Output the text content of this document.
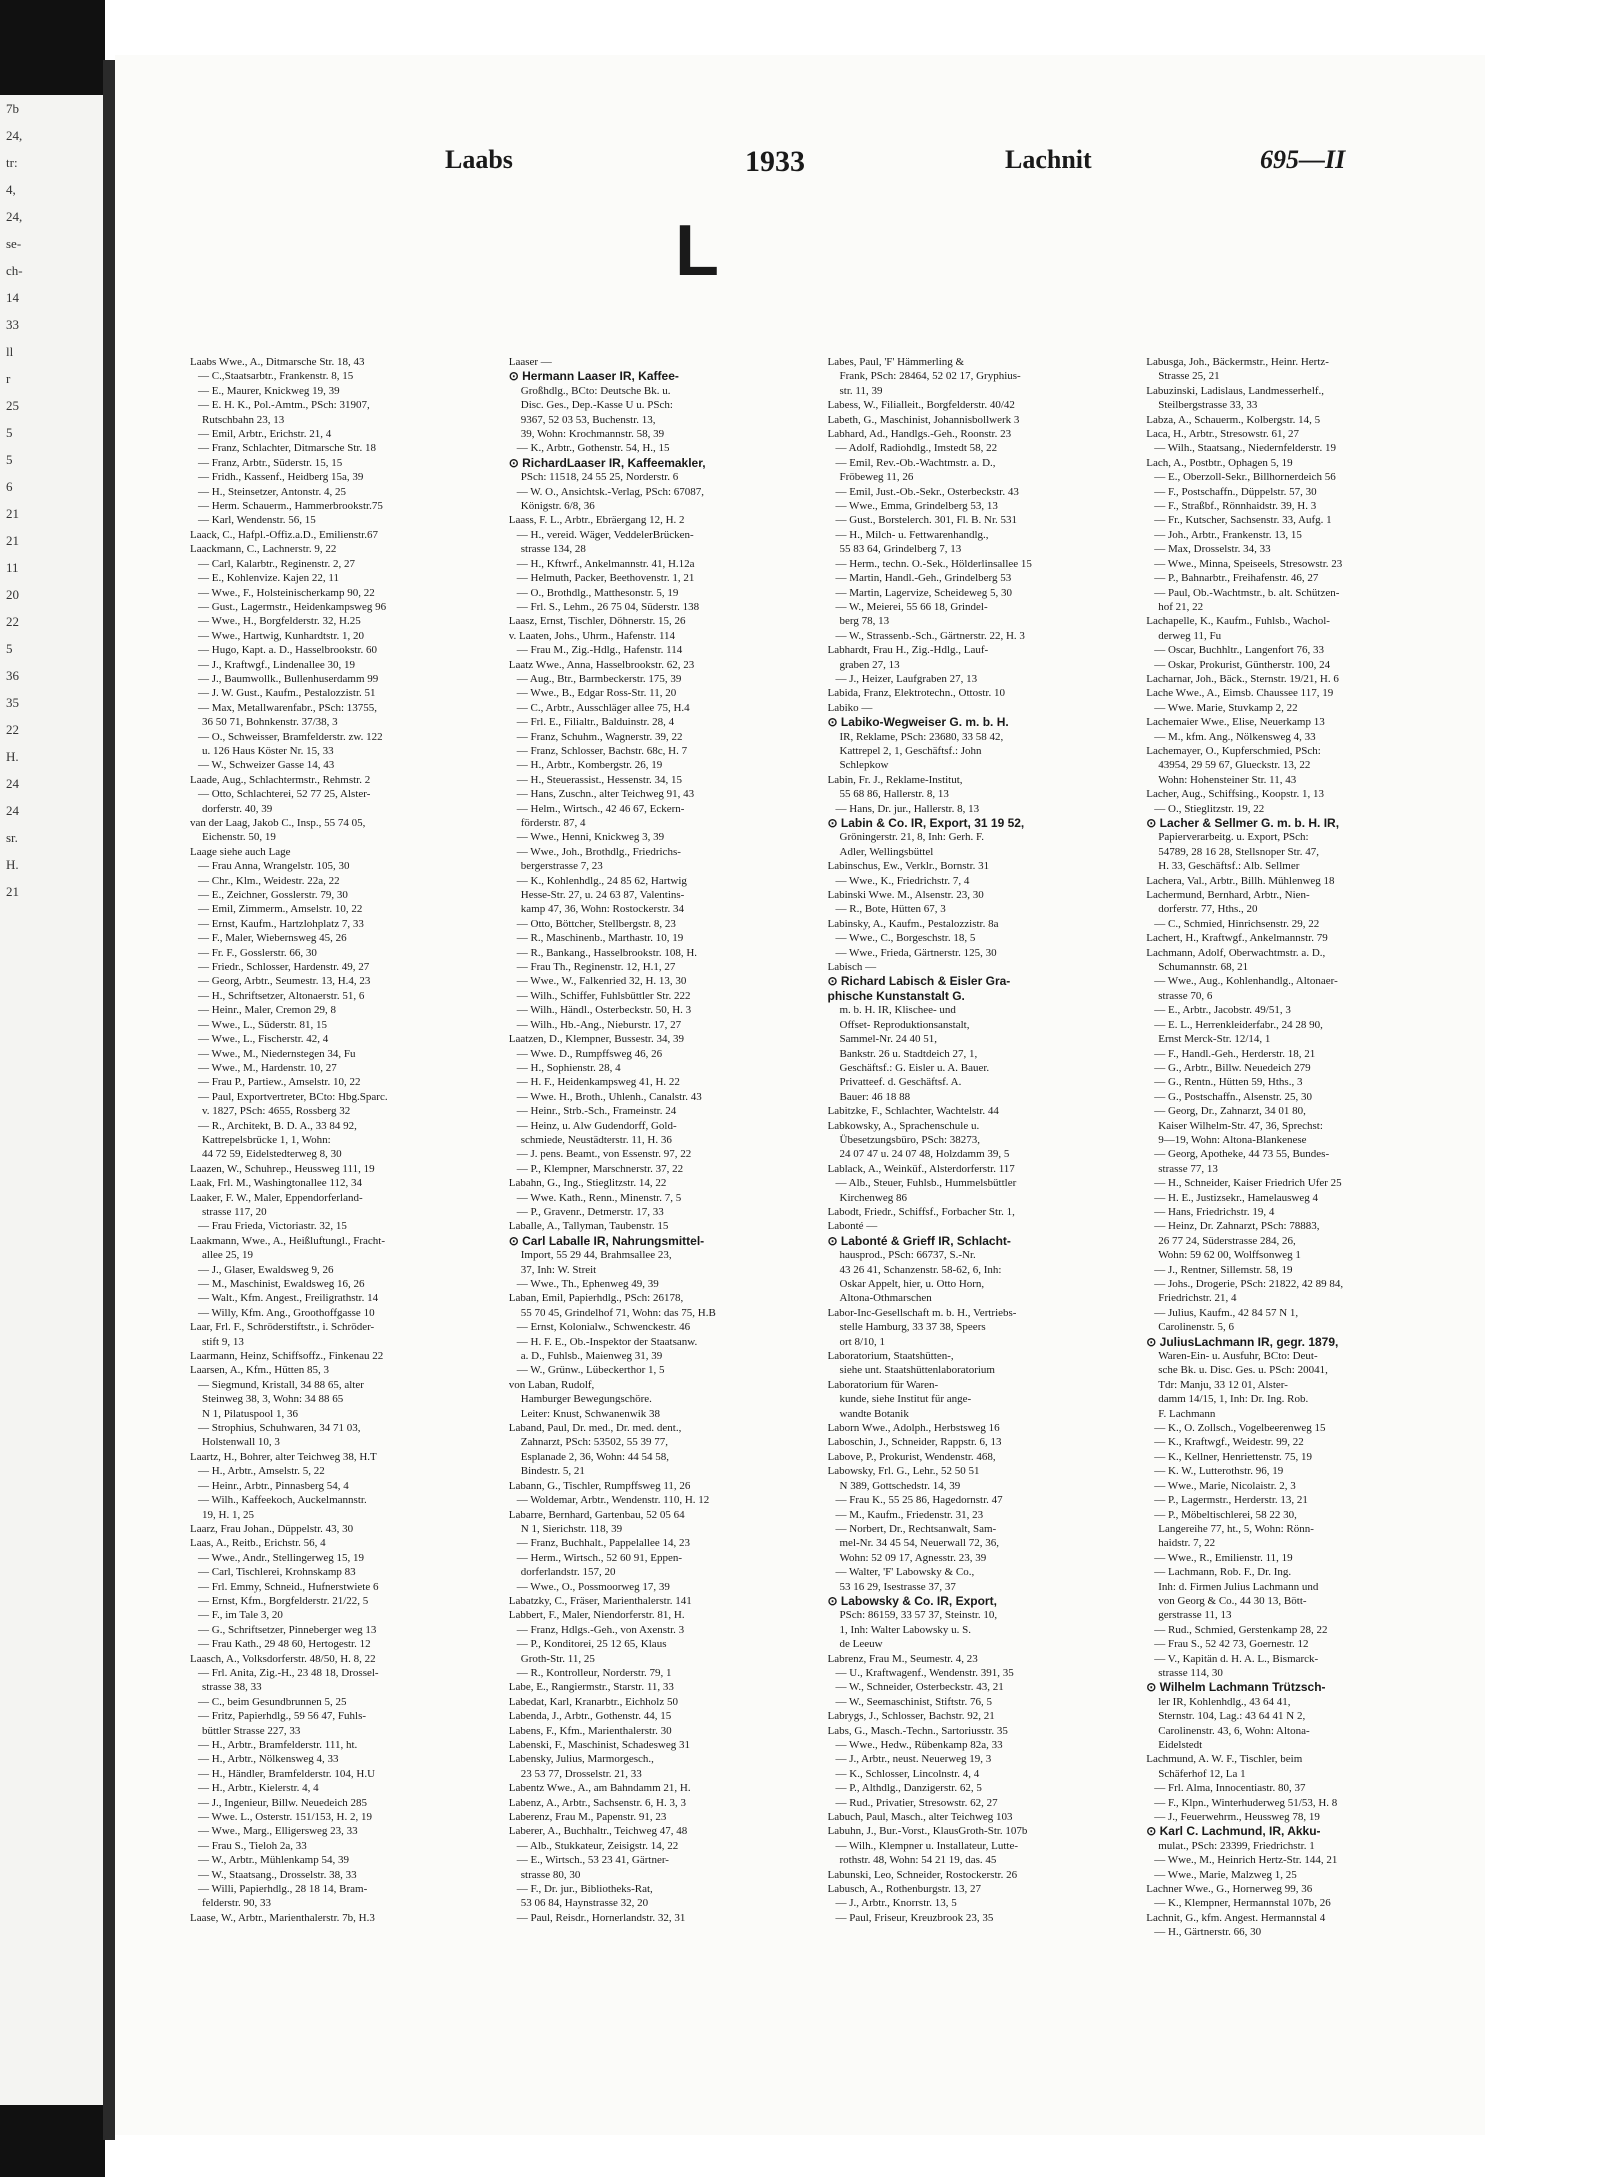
7b
24,
tr:
4,
24,
se-
ch-
14
33
ll
r
25
5
5
6
21
21
11
20
22
5
36
35
22
H.
24
24
sr.
H.
21
Laabs	1933	Lachnit	695—II
L
Laabs Wwe., A., Ditmarsche Str. 18, 43
— C.,Staatsarbtr., Frankenstr. 8, 15
— E., Maurer, Knickweg 19, 39
— E. H. K., Pol.-Amtm., PSch: 31907,
Rutschbahn 23, 13
— Emil, Arbtr., Erichstr. 21, 4
— Franz, Schlachter, Ditmarsche Str. 18
— Franz, Arbtr., Süderstr. 15, 15
— Fridh., Kassenf., Heidberg 15a, 39
— H., Steinsetzer, Antonstr. 4, 25
— Herm. Schauerm., Hammerbrookstr.75
— Karl, Wendenstr. 56, 15
Laack, C., Hafpl.-Offiz.a.D., Emilienstr.67
Laackmann, C., Lachnerstr. 9, 22
— Carl, Kalarbtr., Reginenstr. 2, 27
— E., Kohlenvize. Kajen 22, 11
— Wwe., F., Holsteinischerkamp 90, 22
— Gust., Lagermstr., Heidenkampsweg 96
— Wwe., H., Borgfelderstr. 32, H.25
— Wwe., Hartwig, Kunhardtstr. 1, 20
— Hugo, Kapt. a. D., Hasselbrookstr. 60
— J., Kraftwgf., Lindenallee 30, 19
— J., Baumwollk., Bullenhuserdamm 99
— J. W. Gust., Kaufm., Pestalozzistr. 51
— Max, Metallwarenfabr., PSch: 13755,
36 50 71, Bohnkenstr. 37/38, 3
— O., Schweisser, Bramfelderstr. zw. 122
u. 126 Haus Köster Nr. 15, 33
— W., Schweizer Gasse 14, 43
Laade, Aug., Schlachtermstr., Rehmstr. 2
— Otto, Schlachterei, 52 77 25, Alster-
dorferstr. 40, 39
van der Laag, Jakob C., Insp., 55 74 05,
Eichenstr. 50, 19
Laage siehe auch Lage
— Frau Anna, Wrangelstr. 105, 30
— Chr., Klm., Weidestr. 22a, 22
— E., Zeichner, Gosslerstr. 79, 30
— Emil, Zimmerm., Amselstr. 10, 22
— Ernst, Kaufm., Hartzlohplatz 7, 33
— F., Maler, Wiebernsweg 45, 26
— Fr. F., Gosslerstr. 66, 30
— Friedr., Schlosser, Hardenstr. 49, 27
— Georg, Arbtr., Seumestr. 13, H.4, 23
— H., Schriftsetzer, Altonaerstr. 51, 6
— Heinr., Maler, Cremon 29, 8
— Wwe., L., Süderstr. 81, 15
— Wwe., L., Fischerstr. 42, 4
— Wwe., M., Niedernstegen 34, Fu
— Wwe., M., Hardenstr. 10, 27
— Frau P., Partiew., Amselstr. 10, 22
— Paul, Exportvertreter, BCto: Hbg.Sparc.
v. 1827, PSch: 4655, Rossberg 32
— R., Architekt, B. D. A., 33 84 92,
Kattrepelsbrücke 1, 1, Wohn:
44 72 59, Eidelstedterweg 8, 30
Laazen, W., Schuhrep., Heussweg 111, 19
Laak, Frl. M., Washingtonallee 112, 34
Laaker, F. W., Maler, Eppendorferland-
strasse 117, 20
— Frau Frieda, Victoriastr. 32, 15
Laakmann, Wwe., A., Heißluftungl., Fracht-
allee 25, 19
— J., Glaser, Ewaldsweg 9, 26
— M., Maschinist, Ewaldsweg 16, 26
— Walt., Kfm. Angest., Freiligrathstr. 14
— Willy, Kfm. Ang., Groothoffgasse 10
Laar, Frl. F., Schröderstiftstr., i. Schröder-
stift 9, 13
Laarmann, Heinz, Schiffsoffz., Finkenau 22
Laarsen, A., Kfm., Hütten 85, 3
— Siegmund, Kristall, 34 88 65, alter
Steinweg 38, 3, Wohn: 34 88 65
N 1, Pilatuspool 1, 36
— Strophius, Schuhwaren, 34 71 03,
Holstenwall 10, 3
Laartz, H., Bohrer, alter Teichweg 38, H.T
— H., Arbtr., Amselstr. 5, 22
— Heinr., Arbtr., Pinnasberg 54, 4
— Wilh., Kaffeekoch, Auckelmannstr.
19, H. 1, 25
Laarz, Frau Johan., Düppelstr. 43, 30
Laas, A., Reitb., Erichstr. 56, 4
— Wwe., Andr., Stellingerweg 15, 19
— Carl, Tischlerei, Krohnskamp 83
— Frl. Emmy, Schneid., Hufnerstwiete 6
— Ernst, Kfm., Borgfelderstr. 21/22, 5
— F., im Tale 3, 20
— G., Schriftsetzer, Pinneberger weg 13
— Frau Kath., 29 48 60, Hertogestr. 12
Laasch, A., Volksdorferstr. 48/50, H. 8, 22
— Frl. Anita, Zig.-H., 23 48 18, Drossel-
strasse 38, 33
— C., beim Gesundbrunnen 5, 25
— Fritz, Papierhdlg., 59 56 47, Fuhls-
büttler Strasse 227, 33
— H., Arbtr., Bramfelderstr. 111, ht.
— H., Arbtr., Nölkensweg 4, 33
— H., Händler, Bramfelderstr. 104, H.U
— H., Arbtr., Kielerstr. 4, 4
— J., Ingenieur, Billw. Neuedeich 285
— Wwe. L., Osterstr. 151/153, H. 2, 19
— Wwe., Marg., Elligersweg 23, 33
— Frau S., Tieloh 2a, 33
— W., Arbtr., Mühlenkamp 54, 39
— W., Staatsang., Drosselstr. 38, 33
— Willi, Papierhdlg., 28 18 14, Bram-
felderstr. 90, 33
Laase, W., Arbtr., Marienthalerstr. 7b, H.3
Laaser —
⊙ Hermann Laaser IR, Kaffee-
Großhdlg., BCto: Deutsche Bk. u.
Disc. Ges., Dep.-Kasse U u. PSch:
9367, 52 03 53, Buchenstr. 13,
39, Wohn: Krochmannstr. 58, 39
— K., Arbtr., Gothenstr. 54, H., 15
⊙ RichardLaaser IR, Kaffeemakler,
PSch: 11518, 24 55 25, Norderstr. 6
— W. O., Ansichtsk.-Verlag, PSch: 67087,
Königstr. 6/8, 36
Laass, F. L., Arbtr., Ebräergang 12, H. 2
— H., vereid. Wäger, VeddelerBrücken-
strasse 134, 28
— H., Kftwrf., Ankelmannstr. 41, H.12a
— Helmuth, Packer, Beethovenstr. 1, 21
— O., Brothdlg., Matthesonstr. 5, 19
— Frl. S., Lehm., 26 75 04, Süderstr. 138
Laasz, Ernst, Tischler, Döhnerstr. 15, 26
v. Laaten, Johs., Uhrm., Hafenstr. 114
— Frau M., Zig.-Hdlg., Hafenstr. 114
Laatz Wwe., Anna, Hasselbrookstr. 62, 23
— Aug., Btr., Barmbeckerstr. 175, 39
— Wwe., B., Edgar Ross-Str. 11, 20
— C., Arbtr., Ausschläger allee 75, H.4
— Frl. E., Filialtr., Balduinstr. 28, 4
— Franz, Schuhm., Wagnerstr. 39, 22
— Franz, Schlosser, Bachstr. 68c, H. 7
— H., Arbtr., Kombergstr. 26, 19
— H., Steuerassist., Hessenstr. 34, 15
— Hans, Zuschn., alter Teichweg 91, 43
— Helm., Wirtsch., 42 46 67, Eckern-
förderstr. 87, 4
— Wwe., Henni, Knickweg 3, 39
— Wwe., Joh., Brothdlg., Friedrichs-
bergerstrasse 7, 23
— K., Kohlenhdlg., 24 85 62, Hartwig
Hesse-Str. 27, u. 24 63 87, Valentins-
kamp 47, 36, Wohn: Rostockerstr. 34
— Otto, Böttcher, Stellbergstr. 8, 23
— R., Maschinenb., Marthastr. 10, 19
— R., Bankang., Hasselbrookstr. 108, H.
— Frau Th., Reginenstr. 12, H.1, 27
— Wwe., W., Falkenried 32, H. 13, 30
— Wilh., Schiffer, Fuhlsbüttler Str. 222
— Wilh., Händl., Osterbeckstr. 50, H. 3
— Wilh., Hb.-Ang., Nieburstr. 17, 27
Laatzen, D., Klempner, Bussestr. 34, 39
— Wwe. D., Rumpffsweg 46, 26
— H., Sophienstr. 28, 4
— H. F., Heidenkampsweg 41, H. 22
— Wwe. H., Broth., Uhlenh., Canalstr. 43
— Heinr., Strb.-Sch., Frameinstr. 24
— Heinz, u. Alw Gudendorff, Gold-
schmiede, Neustädterstr. 11, H. 36
— J. pens. Beamt., von Essenstr. 97, 22
— P., Klempner, Marschnerstr. 37, 22
Labahn, G., Ing., Stieglitzstr. 14, 22
— Wwe. Kath., Renn., Minenstr. 7, 5
— P., Gravenr., Detmerstr. 17, 33
Laballe, A., Tallyman, Taubenstr. 15
⊙ Carl Laballe IR, Nahrungsmittel-
Import, 55 29 44, Brahmsallee 23,
37, Inh: W. Streit
— Wwe., Th., Ephenweg 49, 39
Laban, Emil, Papierhdlg., PSch: 26178,
55 70 45, Grindelhof 71, Wohn: das 75, H.B
— Ernst, Kolonialw., Schwenckestr. 46
— H. F. E., Ob.-Inspektor der Staatsanw.
a. D., Fuhlsb., Maienweg 31, 39
— W., Grünw., Lübeckerthor 1, 5
von Laban, Rudolf,
Hamburger Bewegungschöre.
Leiter: Knust, Schwanenwik 38
Laband, Paul, Dr. med., Dr. med. dent.,
Zahnarzt, PSch: 53502, 55 39 77,
Esplanade 2, 36, Wohn: 44 54 58,
Bindestr. 5, 21
Labann, G., Tischler, Rumpffsweg 11, 26
— Woldemar, Arbtr., Wendenstr. 110, H. 12
Labarre, Bernhard, Gartenbau, 52 05 64
N 1, Sierichstr. 118, 39
— Franz, Buchhalt., Pappelallee 14, 23
— Herm., Wirtsch., 52 60 91, Eppen-
dorferlandstr. 157, 20
— Wwe., O., Possmoorweg 17, 39
Labatzky, C., Fräser, Marienthalerstr. 141
Labbert, F., Maler, Niendorferstr. 81, H.
— Franz, Hdlgs.-Geh., von Axenstr. 3
— P., Konditorei, 25 12 65, Klaus
Groth-Str. 11, 25
— R., Kontrolleur, Norderstr. 79, 1
Labe, E., Rangiermstr., Starstr. 11, 33
Labedat, Karl, Kranarbtr., Eichholz 50
Labenda, J., Arbtr., Gothenstr. 44, 15
Labens, F., Kfm., Marienthalerstr. 30
Labenski, F., Maschinist, Schadesweg 31
Labensky, Julius, Marmorgesch.,
23 53 77, Drosselstr. 21, 33
Labentz Wwe., A., am Bahndamm 21, H.
Labenz, A., Arbtr., Sachsenstr. 6, H. 3, 3
Laberenz, Frau M., Papenstr. 91, 23
Laberer, A., Buchhaltr., Teichweg 47, 48
— Alb., Stukkateur, Zeisigstr. 14, 22
— E., Wirtsch., 53 23 41, Gärtner-
strasse 80, 30
— F., Dr. jur., Bibliotheks-Rat,
53 06 84, Haynstrasse 32, 20
— Paul, Reisdr., Hornerlandstr. 32, 31
Labes, Paul, 'F' Hämmerling &
Frank, PSch: 28464, 52 02 17, Gryphius-
str. 11, 39
Labess, W., Filialleit., Borgfelderstr. 40/42
Labeth, G., Maschinist, Johannisbollwerk 3
Labhard, Ad., Handlgs.-Geh., Roonstr. 23
— Adolf, Radiohdlg., Imstedt 58, 22
— Emil, Rev.-Ob.-Wachtmstr. a. D.,
Fröbeweg 11, 26
— Emil, Just.-Ob.-Sekr., Osterbeckstr. 43
— Wwe., Emma, Grindelberg 53, 13
— Gust., Borstelerch. 301, Fl. B. Nr. 531
— H., Milch- u. Fettwarenhandlg.,
55 83 64, Grindelberg 7, 13
— Herm., techn. O.-Sek., Hölderlinsallee 15
— Martin, Handl.-Geh., Grindelberg 53
— Martin, Lagervize, Scheideweg 5, 30
— W., Meierei, 55 66 18, Grindel-
berg 78, 13
— W., Strassenb.-Sch., Gärtnerstr. 22, H. 3
Labhardt, Frau H., Zig.-Hdlg., Lauf-
graben 27, 13
— J., Heizer, Laufgraben 27, 13
Labida, Franz, Elektrotechn., Ottostr. 10
Labiko —
⊙ Labiko-Wegweiser G. m. b. H.
IR, Reklame, PSch: 23680, 33 58 42,
Kattrepel 2, 1, Geschäftsf.: John
Schlepkow
Labin, Fr. J., Reklame-Institut,
55 68 86, Hallerstr. 8, 13
— Hans, Dr. jur., Hallerstr. 8, 13
⊙ Labin & Co. IR, Export, 31 19 52,
Gröningerstr. 21, 8, Inh: Gerh. F.
Adler, Wellingsbüttel
Labinschus, Ew., Verklr., Bornstr. 31
— Wwe., K., Friedrichstr. 7, 4
Labinski Wwe. M., Alsenstr. 23, 30
— R., Bote, Hütten 67, 3
Labinsky, A., Kaufm., Pestalozzistr. 8a
— Wwe., C., Borgeschstr. 18, 5
— Wwe., Frieda, Gärtnerstr. 125, 30
Labisch —
⊙ Richard Labisch & Eisler Gra-
phische Kunstanstalt G.
m. b. H. IR, Klischee- und
Offset- Reproduktionsanstalt,
Sammel-Nr. 24 40 51,
Bankstr. 26 u. Stadtdeich 27, 1,
Geschäftsf.: G. Eisler u. A. Bauer.
Privatteef. d. Geschäftsf. A.
Bauer: 46 18 88
Labitzke, F., Schlachter, Wachtelstr. 44
Labkowsky, A., Sprachenschule u.
Übesetzungsbüro, PSch: 38273,
24 07 47 u. 24 07 48, Holzdamm 39, 5
Lablack, A., Weinküf., Alsterdorferstr. 117
— Alb., Steuer, Fuhlsb., Hummelsbüttler
Kirchenweg 86
Labodt, Friedr., Schiffsf., Forbacher Str. 1,
Labonté —
⊙ Labonté & Grieff IR, Schlacht-
hausprod., PSch: 66737, S.-Nr.
43 26 41, Schanzenstr. 58-62, 6, Inh:
Oskar Appelt, hier, u. Otto Horn,
Altona-Othmarschen
Labor-Inc-Gesellschaft m. b. H., Vertriebs-
stelle Hamburg, 33 37 38, Speers
ort 8/10, 1
Laboratorium, Staatshütten-,
siehe unt. Staatshüttenlaboratorium
Laboratorium für Waren-
kunde, siehe Institut für ange-
wandte Botanik
Laborn Wwe., Adolph., Herbstsweg 16
Laboschin, J., Schneider, Rappstr. 6, 13
Labove, P., Prokurist, Wendenstr. 468,
Labowsky, Frl. G., Lehr., 52 50 51
N 389, Gottschedstr. 14, 39
— Frau K., 55 25 86, Hagedornstr. 47
— M., Kaufm., Friedenstr. 31, 23
— Norbert, Dr., Rechtsanwalt, Sam-
mel-Nr. 34 45 54, Neuerwall 72, 36,
Wohn: 52 09 17, Agnesstr. 23, 39
— Walter, 'F' Labowsky & Co.,
53 16 29, Isestrasse 37, 37
⊙ Labowsky & Co. IR, Export,
PSch: 86159, 33 57 37, Steinstr. 10,
1, Inh: Walter Labowsky u. S.
de Leeuw
Labrenz, Frau M., Seumestr. 4, 23
— U., Kraftwagenf., Wendenstr. 391, 35
— W., Schneider, Osterbeckstr. 43, 21
— W., Seemaschinist, Stiftstr. 76, 5
Labrygs, J., Schlosser, Bachstr. 92, 21
Labs, G., Masch.-Techn., Sartoriusstr. 35
— Wwe., Hedw., Rübenkamp 82a, 33
— J., Arbtr., neust. Neuerweg 19, 3
— K., Schlosser, Lincolnstr. 4, 4
— P., Althdlg., Danzigerstr. 62, 5
— Rud., Privatier, Stresowstr. 62, 27
Labuch, Paul, Masch., alter Teichweg 103
Labuhn, J., Bur.-Vorst., KlausGroth-Str. 107b
— Wilh., Klempner u. Installateur, Lutte-
rothstr. 48, Wohn: 54 21 19, das. 45
Labunski, Leo, Schneider, Rostockerstr. 26
Labusch, A., Rothenburgstr. 13, 27
— J., Arbtr., Knorrstr. 13, 5
— Paul, Friseur, Kreuzbrook 23, 35
Labusga, Joh., Bäckermstr., Heinr. Hertz-
Strasse 25, 21
Labuzinski, Ladislaus, Landmesserhelf.,
Steilbergstrasse 33, 33
Labza, A., Schauerm., Kolbergstr. 14, 5
Laca, H., Arbtr., Stresowstr. 61, 27
— Wilh., Staatsang., Niedernfelderstr. 19
Lach, A., Postbtr., Ophagen 5, 19
— E., Oberzoll-Sekr., Billhornerdeich 56
— F., Postschaffn., Düppelstr. 57, 30
— F., Straßbf., Rönnhaidstr. 39, H. 3
— Fr., Kutscher, Sachsenstr. 33, Aufg. 1
— Joh., Arbtr., Frankenstr. 13, 15
— Max, Drosselstr. 34, 33
— Wwe., Minna, Speiseels, Stresowstr. 23
— P., Bahnarbtr., Freihafenstr. 46, 27
— Paul, Ob.-Wachtmstr., b. alt. Schützen-
hof 21, 22
Lachapelle, K., Kaufm., Fuhlsb., Wachol-
derweg 11, Fu
— Oscar, Buchhltr., Langenfort 76, 33
— Oskar, Prokurist, Güntherstr. 100, 24
Lacharnar, Joh., Bäck., Sternstr. 19/21, H. 6
Lache Wwe., A., Eimsb. Chaussee 117, 19
— Wwe. Marie, Stuvkamp 2, 22
Lachemaier Wwe., Elise, Neuerkamp 13
— M., kfm. Ang., Nölkensweg 4, 33
Lachemayer, O., Kupferschmied, PSch:
43954, 29 59 67, Glueckstr. 13, 22
Wohn: Hohensteiner Str. 11, 43
Lacher, Aug., Schiffsing., Koopstr. 1, 13
— O., Stieglitzstr. 19, 22
⊙ Lacher & Sellmer G. m. b. H. IR,
Papierverarbeitg. u. Export, PSch:
54789, 28 16 28, Stellsnoper Str. 47,
H. 33, Geschäftsf.: Alb. Sellmer
Lachera, Val., Arbtr., Billh. Mühlenweg 18
Lachermund, Bernhard, Arbtr., Nien-
dorferstr. 77, Hths., 20
— C., Schmied, Hinrichsenstr. 29, 22
Lachert, H., Kraftwgf., Ankelmannstr. 79
Lachmann, Adolf, Oberwachtmstr. a. D.,
Schumannstr. 68, 21
— Wwe., Aug., Kohlenhandlg., Altonaer-
strasse 70, 6
— E., Arbtr., Jacobstr. 49/51, 3
— E. L., Herrenkleiderfabr., 24 28 90,
Ernst Merck-Str. 12/14, 1
— F., Handl.-Geh., Herderstr. 18, 21
— G., Arbtr., Billw. Neuedeich 279
— G., Rentn., Hütten 59, Hths., 3
— G., Postschaffn., Alsenstr. 25, 30
— Georg, Dr., Zahnarzt, 34 01 80,
Kaiser Wilhelm-Str. 47, 36, Sprechst:
9—19, Wohn: Altona-Blankenese
— Georg, Apotheke, 44 73 55, Bundes-
strasse 77, 13
— H., Schneider, Kaiser Friedrich Ufer 25
— H. E., Justizsekr., Hamelausweg 4
— Hans, Friedrichstr. 19, 4
— Heinz, Dr. Zahnarzt, PSch: 78883,
26 77 24, Süderstrasse 284, 26,
Wohn: 59 62 00, Wolffsonweg 1
— J., Rentner, Sillemstr. 58, 19
— Johs., Drogerie, PSch: 21822, 42 89 84,
Friedrichstr. 21, 4
— Julius, Kaufm., 42 84 57 N 1,
Carolinenstr. 5, 6
⊙ JuliusLachmann IR, gegr. 1879,
Waren-Ein- u. Ausfuhr, BCto: Deut-
sche Bk. u. Disc. Ges. u. PSch: 20041,
Tdr: Manju, 33 12 01, Alster-
damm 14/15, 1, Inh: Dr. Ing. Rob.
F. Lachmann
— K., O. Zollsch., Vogelbeerenweg 15
— K., Kraftwgf., Weidestr. 99, 22
— K., Kellner, Henriettenstr. 75, 19
— K. W., Lutterothstr. 96, 19
— Wwe., Marie, Nicolaistr. 2, 3
— P., Lagermstr., Herderstr. 13, 21
— P., Möbeltischlerei, 58 22 30,
Langereihe 77, ht., 5, Wohn: Rönn-
haidstr. 7, 22
— Wwe., R., Emilienstr. 11, 19
— Lachmann, Rob. F., Dr. Ing.
Inh: d. Firmen Julius Lachmann und
von Georg & Co., 44 30 13, Bött-
gerstrasse 11, 13
— Rud., Schmied, Gerstenkamp 28, 22
— Frau S., 52 42 73, Goernestr. 12
— V., Kapitän d. H. A. L., Bismarck-
strasse 114, 30
⊙ Wilhelm Lachmann Trützsch-
ler IR, Kohlenhdlg., 43 64 41,
Sternstr. 104, Lag.: 43 64 41 N 2,
Carolinenstr. 43, 6, Wohn: Altona-
Eidelstedt
Lachmund, A. W. F., Tischler, beim
Schäferhof 12, La 1
— Frl. Alma, Innocentiastr. 80, 37
— F., Klpn., Winterhuderweg 51/53, H. 8
— J., Feuerwehrm., Heussweg 78, 19
⊙ Karl C. Lachmund, IR, Akku-
mulat., PSch: 23399, Friedrichstr. 1
— Wwe., M., Heinrich Hertz-Str. 144, 21
— Wwe., Marie, Malzweg 1, 25
Lachner Wwe., G., Hornerweg 99, 36
— K., Klempner, Hermannstal 107b, 26
Lachnit, G., kfm. Angest. Hermannstal 4
— H., Gärtnerstr. 66, 30
